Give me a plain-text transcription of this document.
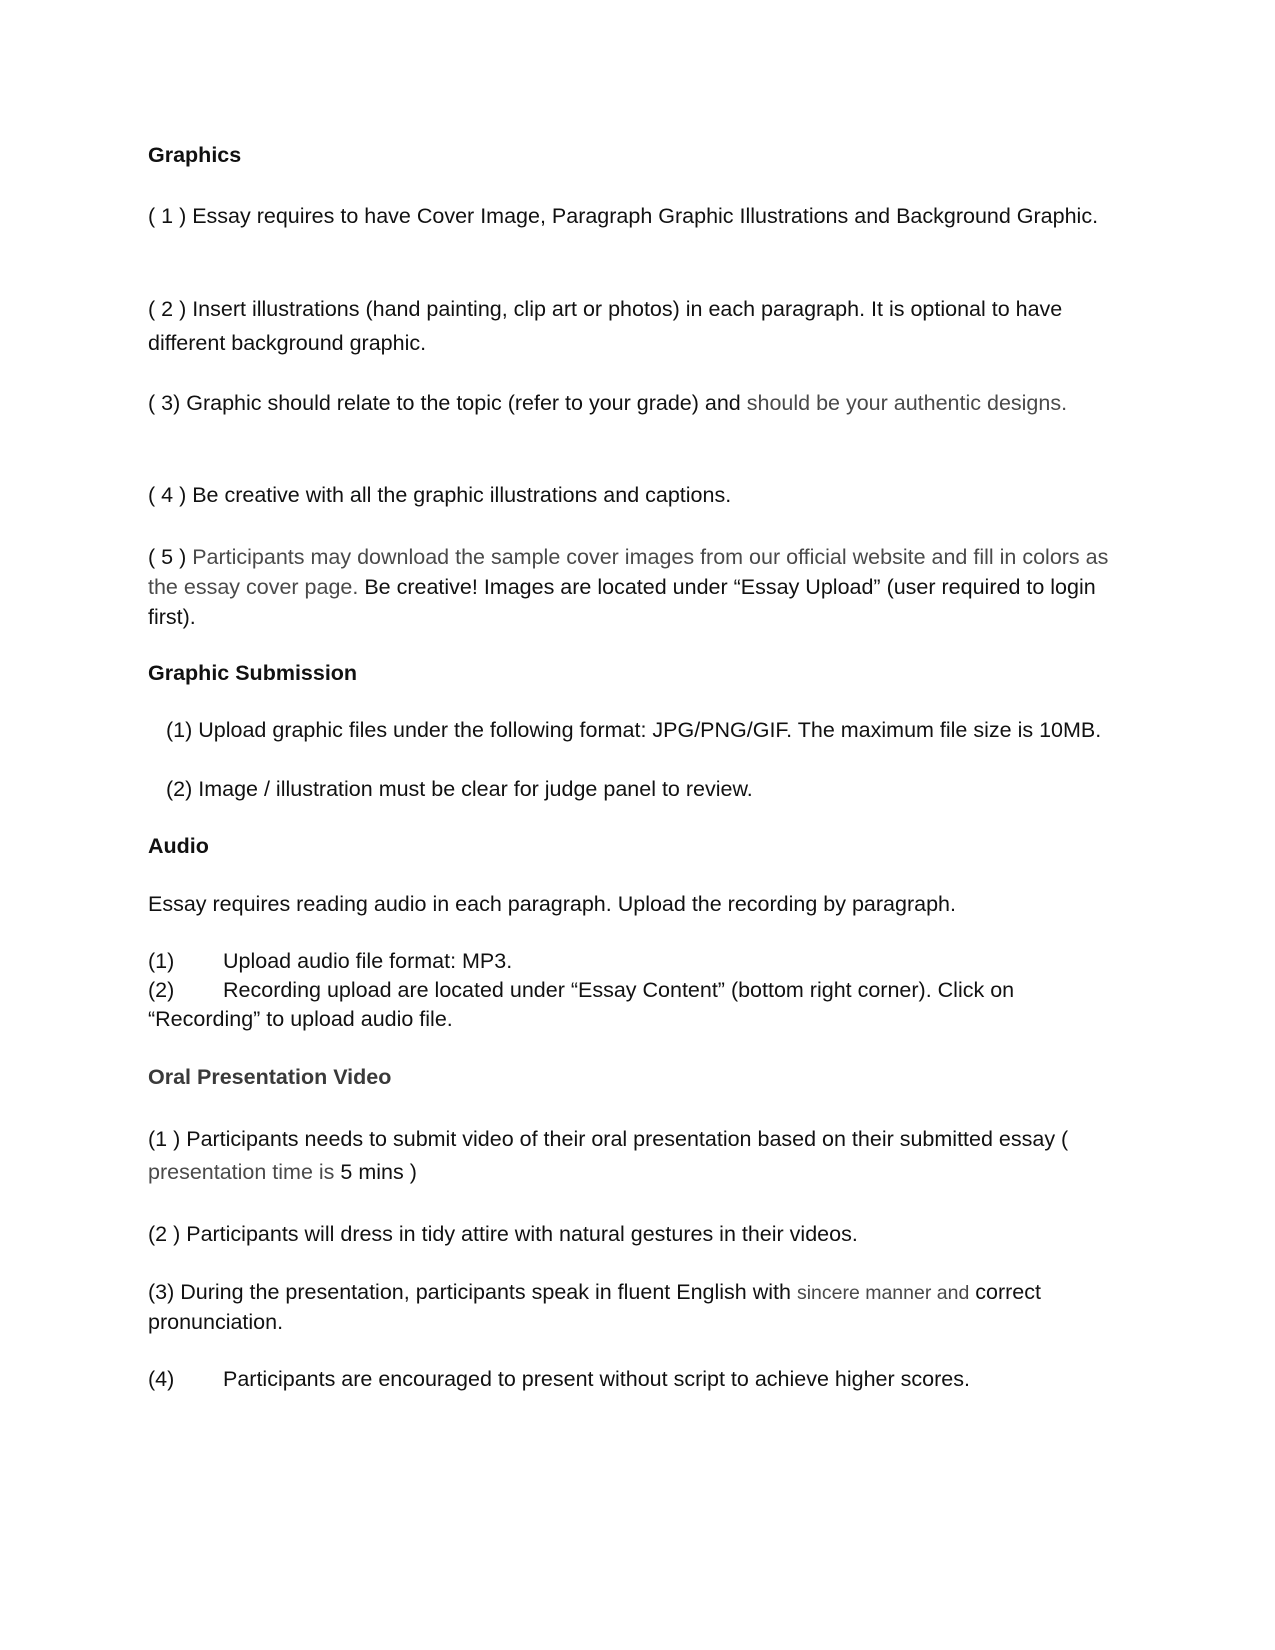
Graphics

( 1 ) Essay requires to have Cover Image, Paragraph Graphic Illustrations and Background Graphic.

( 2 ) Insert illustrations (hand painting, clip art or photos) in each paragraph. It is optional to have different background graphic.

( 3) Graphic should relate to the topic (refer to your grade) and should be your authentic designs.

( 4 ) Be creative with all the graphic illustrations and captions.

( 5 ) Participants may download the sample cover images from our official website and fill in colors as the essay cover page. Be creative! Images are located under “Essay Upload” (user required to login first).

Graphic Submission

(1) Upload graphic files under the following format: JPG/PNG/GIF. The maximum file size is 10MB.

(2) Image / illustration must be clear for judge panel to review.

Audio

Essay requires reading audio in each paragraph. Upload the recording by paragraph.

(1) Upload audio file format: MP3.

(2) Recording upload are located under “Essay Content” (bottom right corner). Click on “Recording” to upload audio file.

Oral Presentation Video

(1 ) Participants needs to submit video of their oral presentation based on their submitted essay ( presentation time is 5 mins )

(2 ) Participants will dress in tidy attire with natural gestures in their videos.

(3) During the presentation, participants speak in fluent English with sincere manner and correct pronunciation.

(4) Participants are encouraged to present without script to achieve higher scores.
